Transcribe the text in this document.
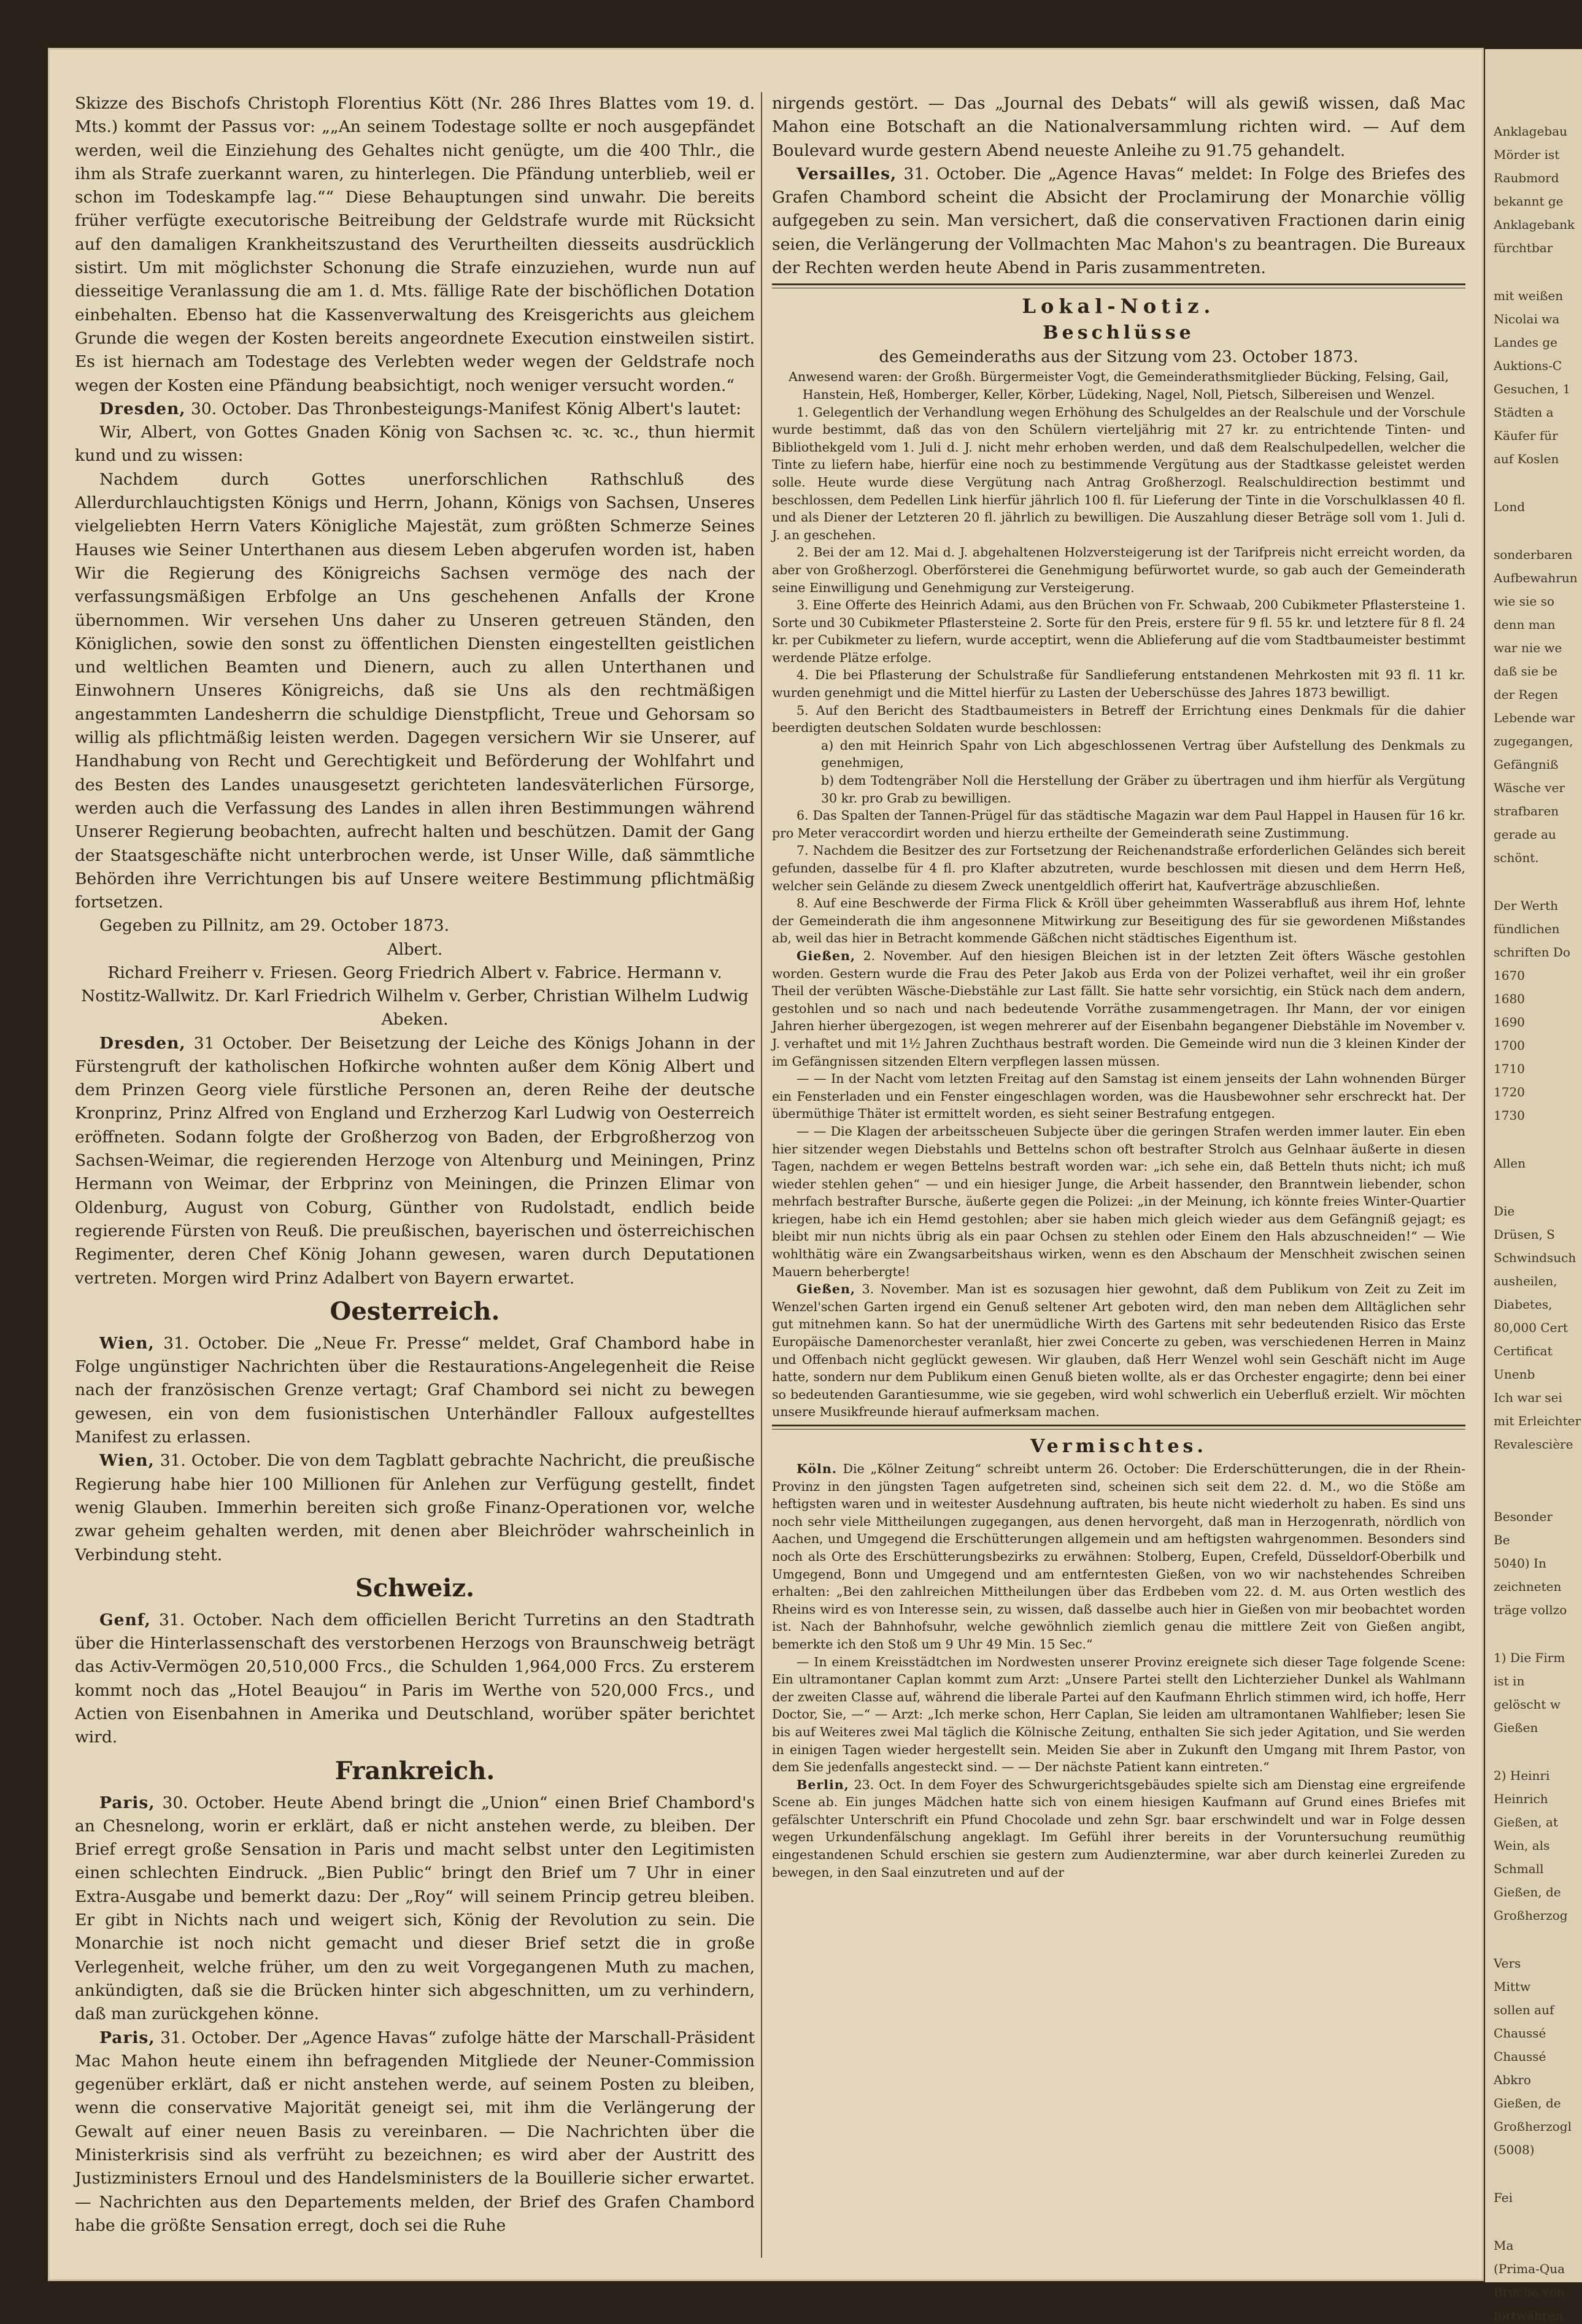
Skizze des Bischofs Christoph Florentius Kött (Nr. 286 Ihres Blattes vom 19. d. Mts.) kommt der Passus vor: „„An seinem Todestage sollte er noch ausgepfändet werden, weil die Einziehung des Gehaltes nicht genügte, um die 400 Thlr., die ihm als Strafe zuerkannt waren, zu hinterlegen. Die Pfändung unterblieb, weil er schon im Todeskampfe lag.““ Diese Behauptungen sind unwahr. Die bereits früher verfügte executorische Beitreibung der Geldstrafe wurde mit Rücksicht auf den damaligen Krankheitszustand des Verurtheilten diesseits ausdrücklich sistirt. Um mit möglichster Schonung die Strafe einzuziehen, wurde nun auf diesseitige Veranlassung die am 1. d. Mts. fällige Rate der bischöflichen Dotation einbehalten. Ebenso hat die Kassenverwaltung des Kreisgerichts aus gleichem Grunde die wegen der Kosten bereits angeordnete Execution einstweilen sistirt. Es ist hiernach am Todestage des Verlebten weder wegen der Geldstrafe noch wegen der Kosten eine Pfändung beabsichtigt, noch weniger versucht worden.“

Dresden, 30. October. Das Thronbesteigungs-Manifest König Albert's lautet:

Wir, Albert, von Gottes Gnaden König von Sachsen ꝛc. ꝛc. ꝛc., thun hiermit kund und zu wissen:

Nachdem durch Gottes unerforschlichen Rathschluß des Allerdurchlauchtigsten Königs und Herrn, Johann, Königs von Sachsen, Unseres vielgeliebten Herrn Vaters Königliche Majestät, zum größten Schmerze Seines Hauses wie Seiner Unterthanen aus diesem Leben abgerufen worden ist, haben Wir die Regierung des Königreichs Sachsen vermöge des nach der verfassungsmäßigen Erbfolge an Uns geschehenen Anfalls der Krone übernommen. Wir versehen Uns daher zu Unseren getreuen Ständen, den Königlichen, sowie den sonst zu öffentlichen Diensten eingestellten geistlichen und weltlichen Beamten und Dienern, auch zu allen Unterthanen und Einwohnern Unseres Königreichs, daß sie Uns als den rechtmäßigen angestammten Landesherrn die schuldige Dienstpflicht, Treue und Gehorsam so willig als pflichtmäßig leisten werden. Dagegen versichern Wir sie Unserer, auf Handhabung von Recht und Gerechtigkeit und Beförderung der Wohlfahrt und des Besten des Landes unausgesetzt gerichteten landesväterlichen Fürsorge, werden auch die Verfassung des Landes in allen ihren Bestimmungen während Unserer Regierung beobachten, aufrecht halten und beschützen. Damit der Gang der Staatsgeschäfte nicht unterbrochen werde, ist Unser Wille, daß sämmtliche Behörden ihre Verrichtungen bis auf Unsere weitere Bestimmung pflichtmäßig fortsetzen.

Gegeben zu Pillnitz, am 29. October 1873.

Albert.

Richard Freiherr v. Friesen. Georg Friedrich Albert v. Fabrice. Hermann v. Nostitz-Wallwitz. Dr. Karl Friedrich Wilhelm v. Gerber, Christian Wilhelm Ludwig Abeken.

Dresden, 31 October. Der Beisetzung der Leiche des Königs Johann in der Fürstengruft der katholischen Hofkirche wohnten außer dem König Albert und dem Prinzen Georg viele fürstliche Personen an, deren Reihe der deutsche Kronprinz, Prinz Alfred von England und Erzherzog Karl Ludwig von Oesterreich eröffneten. Sodann folgte der Großherzog von Baden, der Erbgroßherzog von Sachsen-Weimar, die regierenden Herzoge von Altenburg und Meiningen, Prinz Hermann von Weimar, der Erbprinz von Meiningen, die Prinzen Elimar von Oldenburg, August von Coburg, Günther von Rudolstadt, endlich beide regierende Fürsten von Reuß. Die preußischen, bayerischen und österreichischen Regimenter, deren Chef König Johann gewesen, waren durch Deputationen vertreten. Morgen wird Prinz Adalbert von Bayern erwartet.

Oesterreich.

Wien, 31. October. Die „Neue Fr. Presse“ meldet, Graf Chambord habe in Folge ungünstiger Nachrichten über die Restaurations-Angelegenheit die Reise nach der französischen Grenze vertagt; Graf Chambord sei nicht zu bewegen gewesen, ein von dem fusionistischen Unterhändler Falloux aufgestelltes Manifest zu erlassen.

Wien, 31. October. Die von dem Tagblatt gebrachte Nachricht, die preußische Regierung habe hier 100 Millionen für Anlehen zur Verfügung gestellt, findet wenig Glauben. Immerhin bereiten sich große Finanz-Operationen vor, welche zwar geheim gehalten werden, mit denen aber Bleichröder wahrscheinlich in Verbindung steht.

Schweiz.

Genf, 31. October. Nach dem officiellen Bericht Turretins an den Stadtrath über die Hinterlassenschaft des verstorbenen Herzogs von Braunschweig beträgt das Activ-Vermögen 20,510,000 Frcs., die Schulden 1,964,000 Frcs. Zu ersterem kommt noch das „Hotel Beaujou“ in Paris im Werthe von 520,000 Frcs., und Actien von Eisenbahnen in Amerika und Deutschland, worüber später berichtet wird.

Frankreich.

Paris, 30. October. Heute Abend bringt die „Union“ einen Brief Chambord's an Chesnelong, worin er erklärt, daß er nicht anstehen werde, zu bleiben. Der Brief erregt große Sensation in Paris und macht selbst unter den Legitimisten einen schlechten Eindruck. „Bien Public“ bringt den Brief um 7 Uhr in einer Extra-Ausgabe und bemerkt dazu: Der „Roy“ will seinem Princip getreu bleiben. Er gibt in Nichts nach und weigert sich, König der Revolution zu sein. Die Monarchie ist noch nicht gemacht und dieser Brief setzt die in große Verlegenheit, welche früher, um den zu weit Vorgegangenen Muth zu machen, ankündigten, daß sie die Brücken hinter sich abgeschnitten, um zu verhindern, daß man zurückgehen könne.

Paris, 31. October. Der „Agence Havas“ zufolge hätte der Marschall-Präsident Mac Mahon heute einem ihn befragenden Mitgliede der Neuner-Commission gegenüber erklärt, daß er nicht anstehen werde, auf seinem Posten zu bleiben, wenn die conservative Majorität geneigt sei, mit ihm die Verlängerung der Gewalt auf einer neuen Basis zu vereinbaren. — Die Nachrichten über die Ministerkrisis sind als verfrüht zu bezeichnen; es wird aber der Austritt des Justizministers Ernoul und des Handelsministers de la Bouillerie sicher erwartet. — Nachrichten aus den Departements melden, der Brief des Grafen Chambord habe die größte Sensation erregt, doch sei die Ruhe

nirgends gestört. — Das „Journal des Debats“ will als gewiß wissen, daß Mac Mahon eine Botschaft an die Nationalversammlung richten wird. — Auf dem Boulevard wurde gestern Abend neueste Anleihe zu 91.75 gehandelt.

Versailles, 31. October. Die „Agence Havas“ meldet: In Folge des Briefes des Grafen Chambord scheint die Absicht der Proclamirung der Monarchie völlig aufgegeben zu sein. Man versichert, daß die conservativen Fractionen darin einig seien, die Verlängerung der Vollmachten Mac Mahon's zu beantragen. Die Bureaux der Rechten werden heute Abend in Paris zusammentreten.

Lokal-Notiz.
Beschlüsse
des Gemeinderaths aus der Sitzung vom 23. October 1873.

Anwesend waren: der Großh. Bürgermeister Vogt, die Gemeinderathsmitglieder Bücking, Felsing, Gail, Hanstein, Heß, Homberger, Keller, Körber, Lüdeking, Nagel, Noll, Pietsch, Silbereisen und Wenzel.

1. Gelegentlich der Verhandlung wegen Erhöhung des Schulgeldes an der Realschule und der Vorschule wurde bestimmt, daß das von den Schülern vierteljährig mit 27 kr. zu entrichtende Tinten- und Bibliothekgeld vom 1. Juli d. J. nicht mehr erhoben werden, und daß dem Realschulpedellen, welcher die Tinte zu liefern habe, hierfür eine noch zu bestimmende Vergütung aus der Stadtkasse geleistet werden solle. Heute wurde diese Vergütung nach Antrag Großherzogl. Realschuldirection bestimmt und beschlossen, dem Pedellen Link hierfür jährlich 100 fl. für Lieferung der Tinte in die Vorschulklassen 40 fl. und als Diener der Letzteren 20 fl. jährlich zu bewilligen. Die Auszahlung dieser Beträge soll vom 1. Juli d. J. an geschehen.

2. Bei der am 12. Mai d. J. abgehaltenen Holzversteigerung ist der Tarifpreis nicht erreicht worden, da aber von Großherzogl. Oberförsterei die Genehmigung befürwortet wurde, so gab auch der Gemeinderath seine Einwilligung und Genehmigung zur Versteigerung.

3. Eine Offerte des Heinrich Adami, aus den Brüchen von Fr. Schwaab, 200 Cubikmeter Pflastersteine 1. Sorte und 30 Cubikmeter Pflastersteine 2. Sorte für den Preis, erstere für 9 fl. 55 kr. und letztere für 8 fl. 24 kr. per Cubikmeter zu liefern, wurde acceptirt, wenn die Ablieferung auf die vom Stadtbaumeister bestimmt werdende Plätze erfolge.

4. Die bei Pflasterung der Schulstraße für Sandlieferung entstandenen Mehrkosten mit 93 fl. 11 kr. wurden genehmigt und die Mittel hierfür zu Lasten der Ueberschüsse des Jahres 1873 bewilligt.

5. Auf den Bericht des Stadtbaumeisters in Betreff der Errichtung eines Denkmals für die dahier beerdigten deutschen Soldaten wurde beschlossen:

a) den mit Heinrich Spahr von Lich abgeschlossenen Vertrag über Aufstellung des Denkmals zu genehmigen,

b) dem Todtengräber Noll die Herstellung der Gräber zu übertragen und ihm hierfür als Vergütung 30 kr. pro Grab zu bewilligen.

6. Das Spalten der Tannen-Prügel für das städtische Magazin war dem Paul Happel in Hausen für 16 kr. pro Meter veraccordirt worden und hierzu ertheilte der Gemeinderath seine Zustimmung.

7. Nachdem die Besitzer des zur Fortsetzung der Reichenandstraße erforderlichen Geländes sich bereit gefunden, dasselbe für 4 fl. pro Klafter abzutreten, wurde beschlossen mit diesen und dem Herrn Heß, welcher sein Gelände zu diesem Zweck unentgeldlich offerirt hat, Kaufverträge abzuschließen.

8. Auf eine Beschwerde der Firma Flick & Kröll über geheimmten Wasserabfluß aus ihrem Hof, lehnte der Gemeinderath die ihm angesonnene Mitwirkung zur Beseitigung des für sie gewordenen Mißstandes ab, weil das hier in Betracht kommende Gäßchen nicht städtisches Eigenthum ist.

Gießen, 2. November. Auf den hiesigen Bleichen ist in der letzten Zeit öfters Wäsche gestohlen worden. Gestern wurde die Frau des Peter Jakob aus Erda von der Polizei verhaftet, weil ihr ein großer Theil der verübten Wäsche-Diebstähle zur Last fällt. Sie hatte sehr vorsichtig, ein Stück nach dem andern, gestohlen und so nach und nach bedeutende Vorräthe zusammengetragen. Ihr Mann, der vor einigen Jahren hierher übergezogen, ist wegen mehrerer auf der Eisenbahn begangener Diebstähle im November v. J. verhaftet und mit 1½ Jahren Zuchthaus bestraft worden. Die Gemeinde wird nun die 3 kleinen Kinder der im Gefängnissen sitzenden Eltern verpflegen lassen müssen.

— — In der Nacht vom letzten Freitag auf den Samstag ist einem jenseits der Lahn wohnenden Bürger ein Fensterladen und ein Fenster eingeschlagen worden, was die Hausbewohner sehr erschreckt hat. Der übermüthige Thäter ist ermittelt worden, es sieht seiner Bestrafung entgegen.

— — Die Klagen der arbeitsscheuen Subjecte über die geringen Strafen werden immer lauter. Ein eben hier sitzender wegen Diebstahls und Bettelns schon oft bestrafter Strolch aus Gelnhaar äußerte in diesen Tagen, nachdem er wegen Bettelns bestraft worden war: „ich sehe ein, daß Betteln thuts nicht; ich muß wieder stehlen gehen“ — und ein hiesiger Junge, die Arbeit hassender, den Branntwein liebender, schon mehrfach bestrafter Bursche, äußerte gegen die Polizei: „in der Meinung, ich könnte freies Winter-Quartier kriegen, habe ich ein Hemd gestohlen; aber sie haben mich gleich wieder aus dem Gefängniß gejagt; es bleibt mir nun nichts übrig als ein paar Ochsen zu stehlen oder Einem den Hals abzuschneiden!“ — Wie wohlthätig wäre ein Zwangsarbeitshaus wirken, wenn es den Abschaum der Menschheit zwischen seinen Mauern beherbergte!

Gießen, 3. November. Man ist es sozusagen hier gewohnt, daß dem Publikum von Zeit zu Zeit im Wenzel'schen Garten irgend ein Genuß seltener Art geboten wird, den man neben dem Alltäglichen sehr gut mitnehmen kann. So hat der unermüdliche Wirth des Gartens mit sehr bedeutenden Risico das Erste Europäische Damenorchester veranlaßt, hier zwei Concerte zu geben, was verschiedenen Herren in Mainz und Offenbach nicht geglückt gewesen. Wir glauben, daß Herr Wenzel wohl sein Geschäft nicht im Auge hatte, sondern nur dem Publikum einen Genuß bieten wollte, als er das Orchester engagirte; denn bei einer so bedeutenden Garantiesumme, wie sie gegeben, wird wohl schwerlich ein Ueberfluß erzielt. Wir möchten unsere Musikfreunde hierauf aufmerksam machen.

Vermischtes.

Köln. Die „Kölner Zeitung“ schreibt unterm 26. October: Die Erderschütterungen, die in der Rhein-Provinz in den jüngsten Tagen aufgetreten sind, scheinen sich seit dem 22. d. M., wo die Stöße am heftigsten waren und in weitester Ausdehnung auftraten, bis heute nicht wiederholt zu haben. Es sind uns noch sehr viele Mittheilungen zugegangen, aus denen hervorgeht, daß man in Herzogenrath, nördlich von Aachen, und Umgegend die Erschütterungen allgemein und am heftigsten wahrgenommen. Besonders sind noch als Orte des Erschütterungsbezirks zu erwähnen: Stolberg, Eupen, Crefeld, Düsseldorf-Oberbilk und Umgegend, Bonn und Umgegend und am entferntesten Gießen, von wo wir nachstehendes Schreiben erhalten: „Bei den zahlreichen Mittheilungen über das Erdbeben vom 22. d. M. aus Orten westlich des Rheins wird es von Interesse sein, zu wissen, daß dasselbe auch hier in Gießen von mir beobachtet worden ist. Nach der Bahnhofsuhr, welche gewöhnlich ziemlich genau die mittlere Zeit von Gießen angibt, bemerkte ich den Stoß um 9 Uhr 49 Min. 15 Sec.“

— In einem Kreisstädtchen im Nordwesten unserer Provinz ereignete sich dieser Tage folgende Scene: Ein ultramontaner Caplan kommt zum Arzt: „Unsere Partei stellt den Lichterzieher Dunkel als Wahlmann der zweiten Classe auf, während die liberale Partei auf den Kaufmann Ehrlich stimmen wird, ich hoffe, Herr Doctor, Sie, —“ — Arzt: „Ich merke schon, Herr Caplan, Sie leiden am ultramontanen Wahlfieber; lesen Sie bis auf Weiteres zwei Mal täglich die Kölnische Zeitung, enthalten Sie sich jeder Agitation, und Sie werden in einigen Tagen wieder hergestellt sein. Meiden Sie aber in Zukunft den Umgang mit Ihrem Pastor, von dem Sie jedenfalls angesteckt sind. — — Der nächste Patient kann eintreten.“

Berlin, 23. Oct. In dem Foyer des Schwurgerichtsgebäudes spielte sich am Dienstag eine ergreifende Scene ab. Ein junges Mädchen hatte sich von einem hiesigen Kaufmann auf Grund eines Briefes mit gefälschter Unterschrift ein Pfund Chocolade und zehn Sgr. baar erschwindelt und war in Folge dessen wegen Urkundenfälschung angeklagt. Im Gefühl ihrer bereits in der Voruntersuchung reumüthig eingestandenen Schuld erschien sie gestern zum Audienztermine, war aber durch keinerlei Zureden zu bewegen, in den Saal einzutreten und auf der

Anklagebau
Mörder ist
Raubmord
bekannt ge
Anklagebank
fürchtbar
mit weißen
Nicolai wa
Landes ge
Auktions-C
Gesuchen, 1
Städten a
Käufer für
auf Koslen
Lond
sonderbaren
Aufbewahrun
wie sie so
denn man
war nie we
daß sie be
der Regen
Lebende war
zugegangen,
Gefängniß
Wäsche ver
strafbaren
gerade au
schönt.
Der Werth
fündlichen
schriften Do
1670
1680
1690
1700
1710
1720
1730
Allen
Die
Drüsen, S
Schwindsuch
ausheilen,
Diabetes,
80,000 Cert
Certificat
Unenb
Ich war sei
mit Erleichter
Revalescière
Besonder
Be
5040) In
zeichneten
träge vollzo
1) Die Firm
ist in
gelöscht w
Gießen
2) Heinri
Heinrich
Gießen, at
Wein, als
Schmall
Gießen, de
Großherzog
Vers
Mittw
sollen auf
Chaussé
Chaussé
Abkro
Gießen, de
Großherzogl
(5008)
Fei
Ma
(Prima-Qua
Bruche von
fortwähren
